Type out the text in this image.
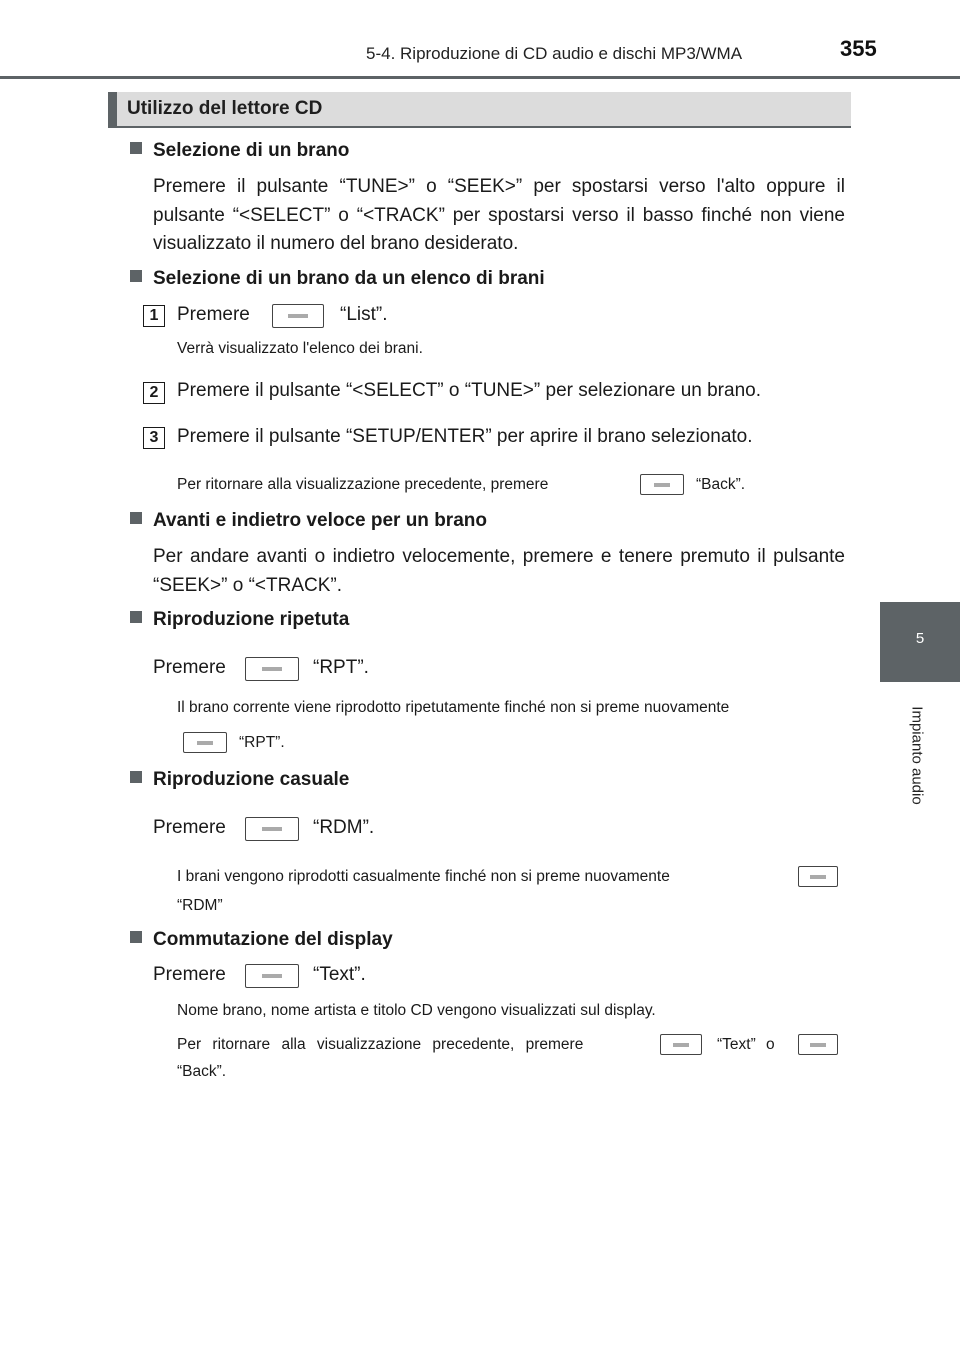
5-4. Riproduzione di CD audio e dischi MP3/WMA	355
5
Impianto audio
Utilizzo del lettore CD
Selezione di un brano
Premere il pulsante “TUNE>” o “SEEK>” per spostarsi verso l'alto oppure il pulsante “<SELECT” o “<TRACK” per spostarsi verso il basso finché non viene visualizzato il numero del brano desiderato.
Selezione di un brano da un elenco di brani
1 Premere	“List”.
Verrà visualizzato l'elenco dei brani.
2 Premere il pulsante “<SELECT” o “TUNE>” per selezionare un brano.
3 Premere il pulsante “SETUP/ENTER” per aprire il brano selezionato.
Per ritornare alla visualizzazione precedente, premere	“Back”.
Avanti e indietro veloce per un brano
Per andare avanti o indietro velocemente, premere e tenere premuto il pulsante “SEEK>” o “<TRACK”.
Riproduzione ripetuta
Premere	“RPT”.
Il brano corrente viene riprodotto ripetutamente finché non si preme nuovamente
“RPT”.
Riproduzione casuale
Premere	“RDM”.
I brani vengono riprodotti casualmente finché non si preme nuovamente
“RDM”
Commutazione del display
Premere	“Text”.
Nome brano, nome artista e titolo CD vengono visualizzati sul display.
Per ritornare alla visualizzazione precedente, premere	“Text” o
“Back”.
